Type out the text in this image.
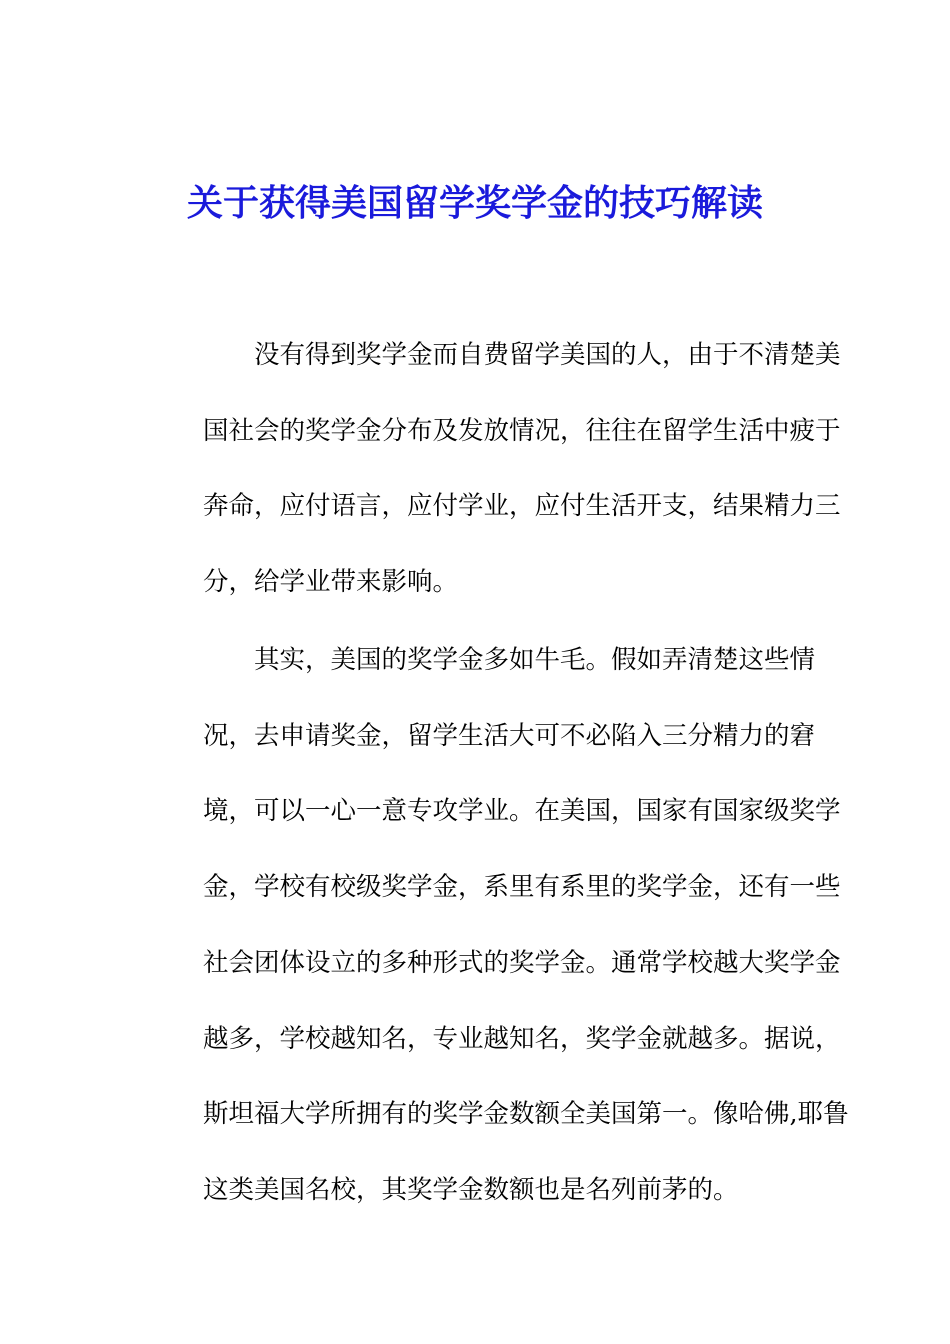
关于获得美国留学奖学金的技巧解读
没有得到奖学金而自费留学美国的人，由于不清楚美
国社会的奖学金分布及发放情况，往往在留学生活中疲于
奔命，应付语言，应付学业，应付生活开支，结果精力三
分，给学业带来影响。
其实，美国的奖学金多如牛毛。假如弄清楚这些情
况，去申请奖金，留学生活大可不必陷入三分精力的窘
境，可以一心一意专攻学业。在美国，国家有国家级奖学
金，学校有校级奖学金，系里有系里的奖学金，还有一些
社会团体设立的多种形式的奖学金。通常学校越大奖学金
越多，学校越知名，专业越知名，奖学金就越多。据说，
斯坦福大学所拥有的奖学金数额全美国第一。像哈佛,耶鲁
这类美国名校，其奖学金数额也是名列前茅的。
